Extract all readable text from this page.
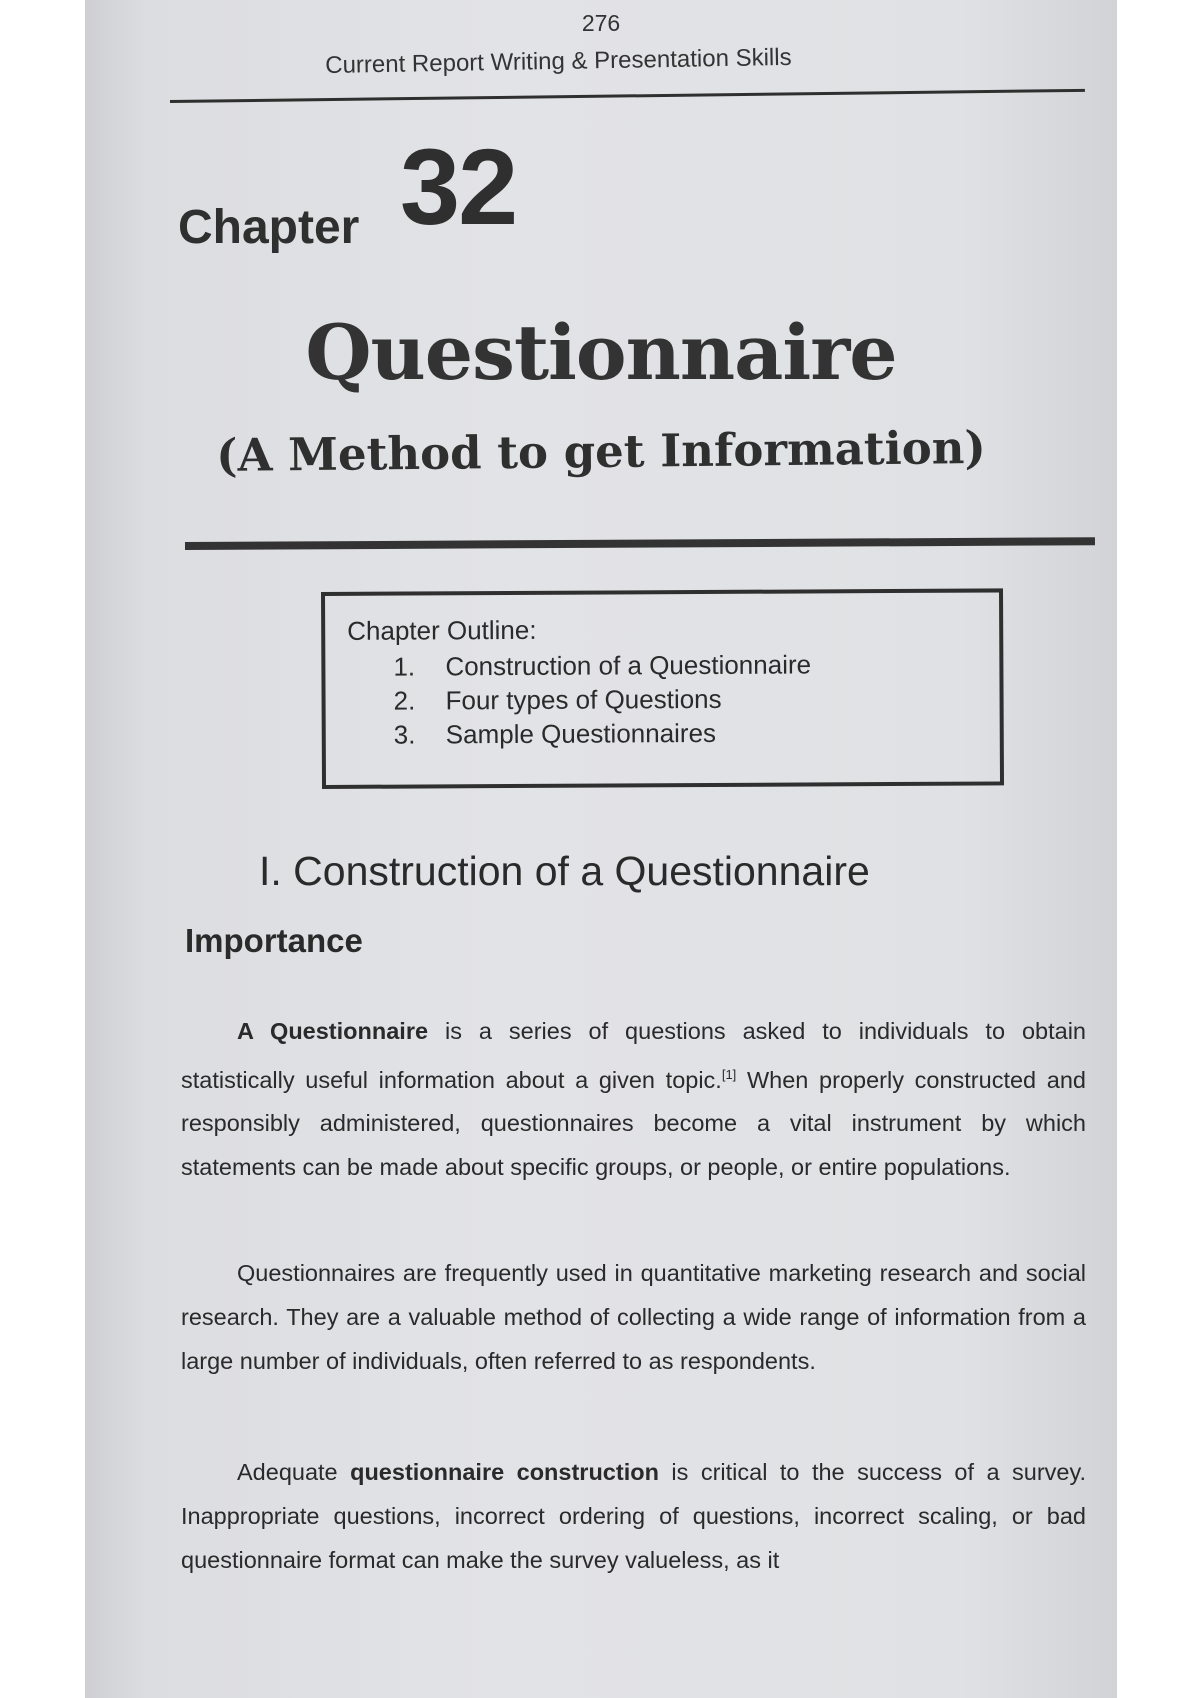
276
Current Report Writing & Presentation Skills
Chapter 32
Questionnaire
(A Method to get Information)
Chapter Outline:
1. Construction of a Questionnaire
2. Four types of Questions
3. Sample Questionnaires
I. Construction of a Questionnaire
Importance

A Questionnaire is a series of questions asked to individuals to obtain statistically useful information about a given topic.[1] When properly constructed and responsibly administered, questionnaires become a vital instrument by which statements can be made about specific groups, or people, or entire populations.

Questionnaires are frequently used in quantitative marketing research and social research. They are a valuable method of collecting a wide range of information from a large number of individuals, often referred to as respondents.

Adequate questionnaire construction is critical to the success of a survey. Inappropriate questions, incorrect ordering of questions, incorrect scaling, or bad questionnaire format can make the survey valueless, as it
